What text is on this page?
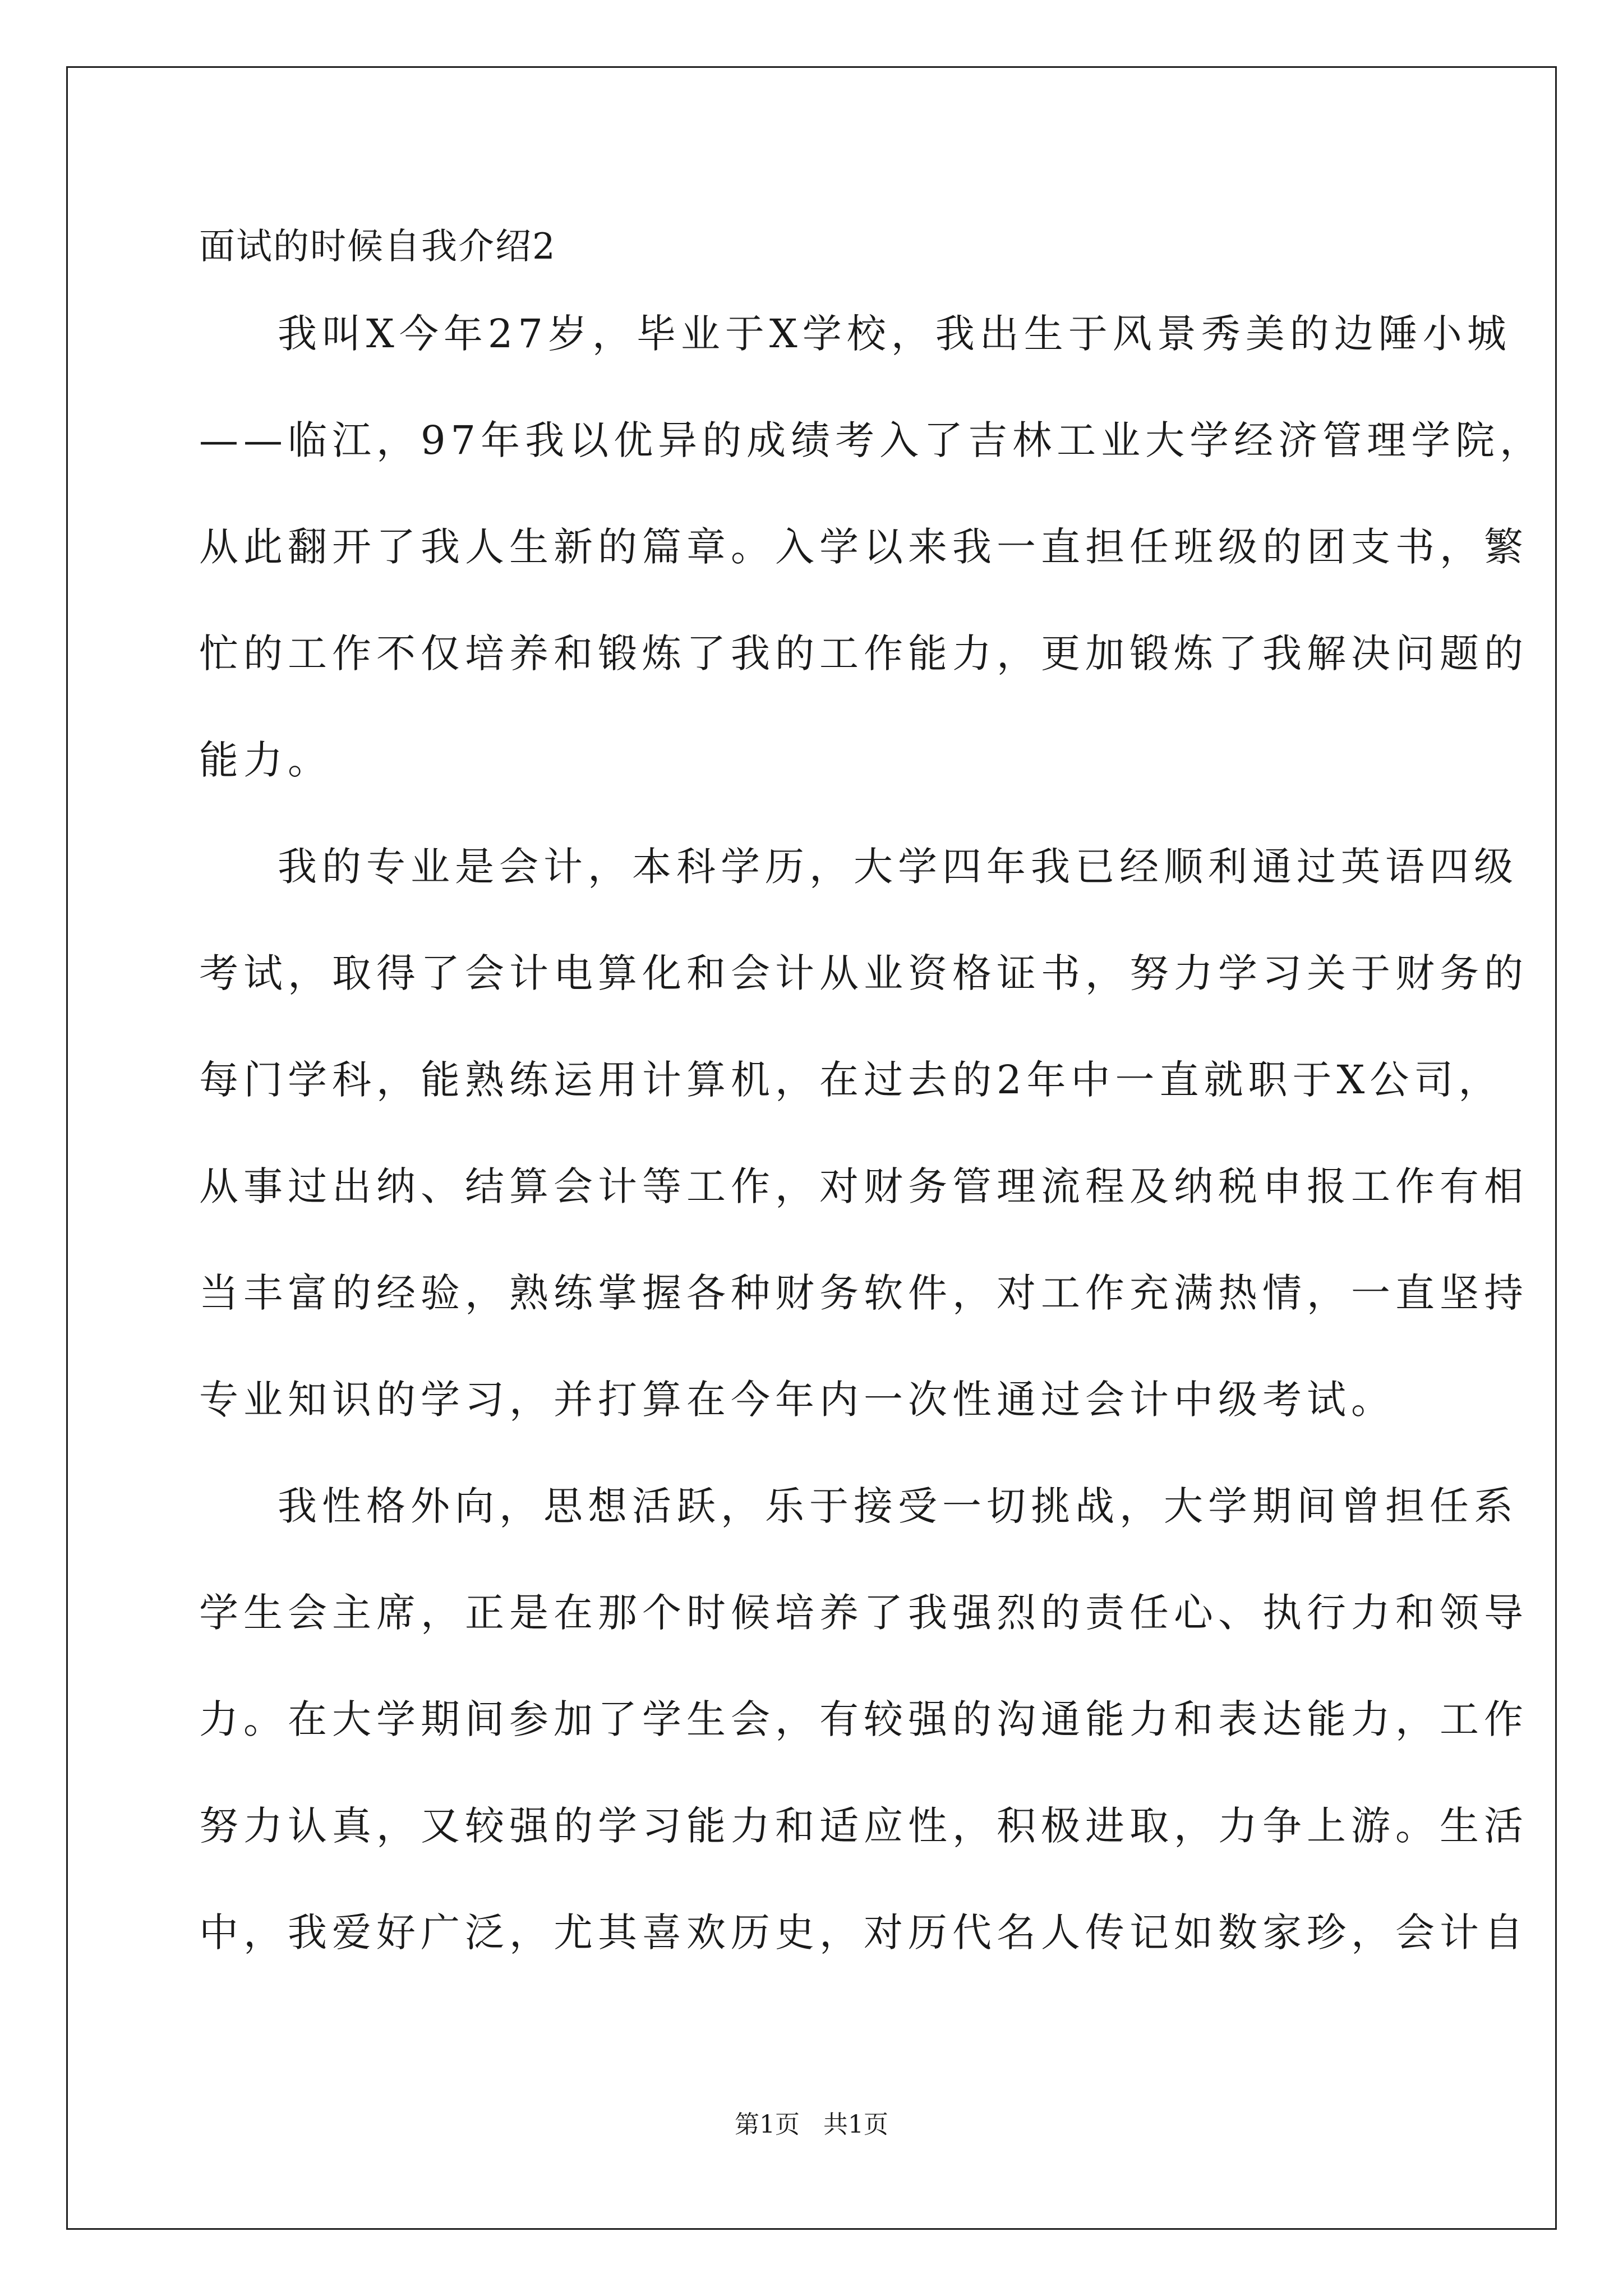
面试的时候自我介绍2

我叫X今年27岁，毕业于X学校，我出生于风景秀美的边陲小城

——临江，97年我以优异的成绩考入了吉林工业大学经济管理学院，

从此翻开了我人生新的篇章。入学以来我一直担任班级的团支书，繁

忙的工作不仅培养和锻炼了我的工作能力，更加锻炼了我解决问题的

能力。

我的专业是会计，本科学历，大学四年我已经顺利通过英语四级

考试，取得了会计电算化和会计从业资格证书，努力学习关于财务的

每门学科，能熟练运用计算机，在过去的2年中一直就职于X公司，

从事过出纳、结算会计等工作，对财务管理流程及纳税申报工作有相

当丰富的经验，熟练掌握各种财务软件，对工作充满热情，一直坚持

专业知识的学习，并打算在今年内一次性通过会计中级考试。

我性格外向，思想活跃，乐于接受一切挑战，大学期间曾担任系

学生会主席，正是在那个时候培养了我强烈的责任心、执行力和领导

力。在大学期间参加了学生会，有较强的沟通能力和表达能力，工作

努力认真，又较强的学习能力和适应性，积极进取，力争上游。生活

中，我爱好广泛，尤其喜欢历史，对历代名人传记如数家珍，会计自

第1页   共1页
